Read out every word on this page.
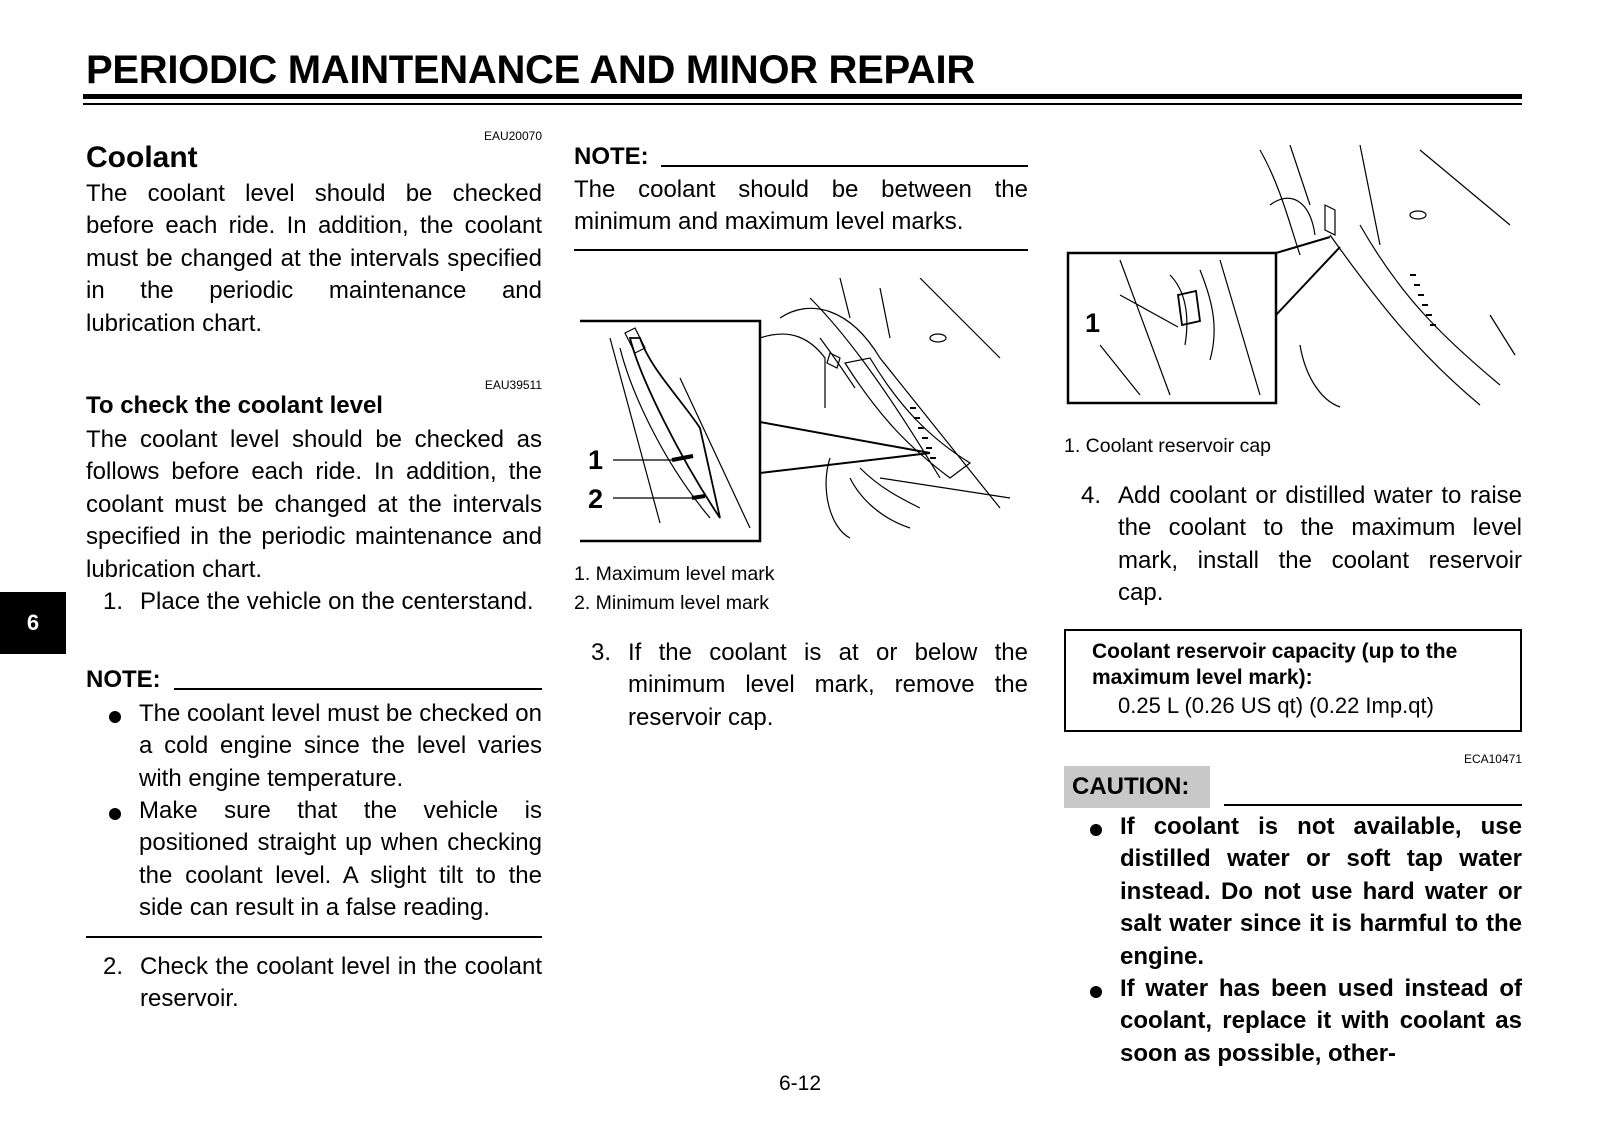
PERIODIC MAINTENANCE AND MINOR REPAIR
6
EAU20070
Coolant
The coolant level should be checked before each ride. In addition, the coolant must be changed at the intervals specified in the periodic maintenance and lubrication chart.
EAU39511
To check the coolant level
The coolant level should be checked as follows before each ride. In addition, the coolant must be changed at the intervals specified in the periodic maintenance and lubrication chart.
1. Place the vehicle on the centerstand.
NOTE:
The coolant level must be checked on a cold engine since the level varies with engine temperature.
Make sure that the vehicle is positioned straight up when checking the coolant level. A slight tilt to the side can result in a false reading.
2. Check the coolant level in the coolant reservoir.
NOTE:
The coolant should be between the minimum and maximum level marks.
1
2
1. Maximum level mark
2. Minimum level mark
3. If the coolant is at or below the minimum level mark, remove the reservoir cap.
1
1. Coolant reservoir cap
4. Add coolant or distilled water to raise the coolant to the maximum level mark, install the coolant reservoir cap.
Coolant reservoir capacity (up to the maximum level mark):
0.25 L (0.26 US qt) (0.22 Imp.qt)
ECA10471
CAUTION:
If coolant is not available, use distilled water or soft tap water instead. Do not use hard water or salt water since it is harmful to the engine.
If water has been used instead of coolant, replace it with coolant as soon as possible, other-
6-12
